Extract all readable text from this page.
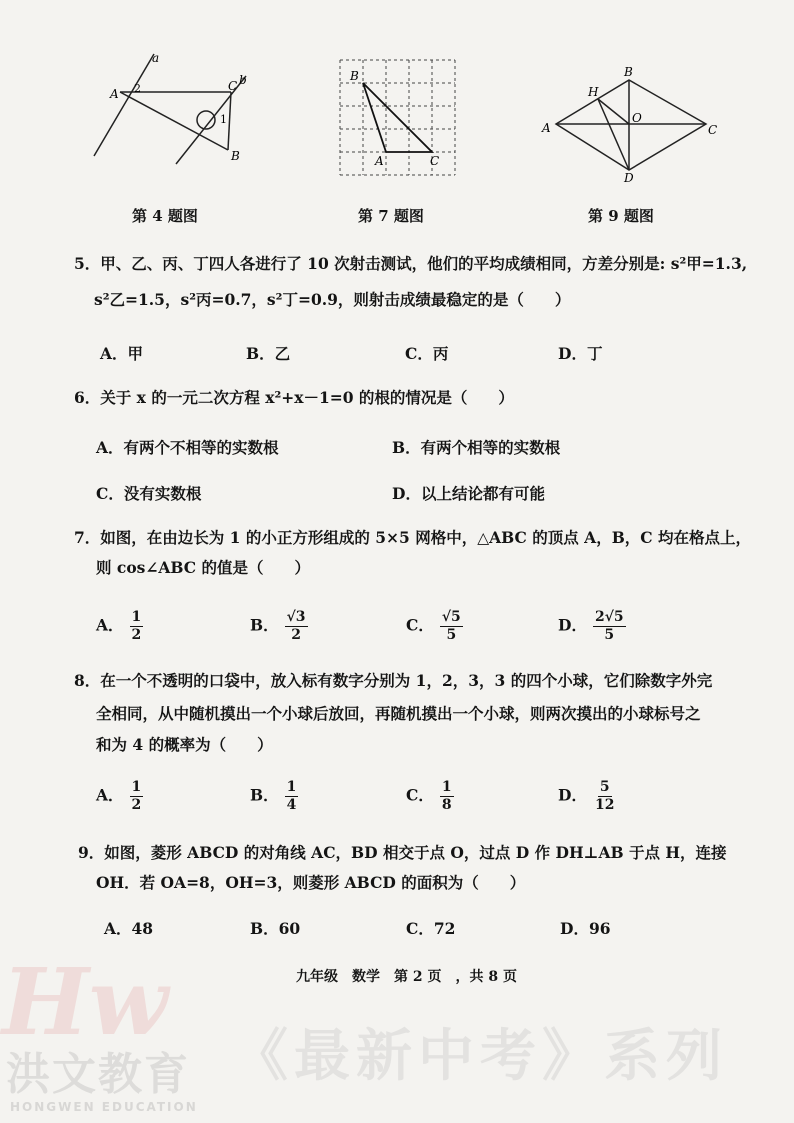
a
b
A 2	C
1
B
第 4 题图
B
A	C
第 7 题图
B
H
O
A	C
D
第 9 题图
5．甲、乙、丙、丁四人各进行了 10 次射击测试，他们的平均成绩相同，方差分别是: s²甲=1.3,
s²乙=1.5，s²丙=0.7，s²丁=0.9，则射击成绩最稳定的是（　　）
A．甲	B．乙	C．丙	D．丁
6．关于 x 的一元二次方程 x²+x－1=0 的根的情况是（　　）
A．有两个不相等的实数根	B．有两个相等的实数根
C．没有实数根	D．以上结论都有可能
7．如图，在由边长为 1 的小正方形组成的 5×5 网格中，△ABC 的顶点 A，B，C 均在格点上，
则 cos∠ABC 的值是（　　）
A． $\frac{1}{2}$	B． $\frac{√3}{2}$	C． $\frac{√5}{5}$	D． $\frac{2√5}{5}$
8．在一个不透明的口袋中，放入标有数字分别为 1，2，3，3 的四个小球，它们除数字外完
全相同，从中随机摸出一个小球后放回，再随机摸出一个小球，则两次摸出的小球标号之
和为 4 的概率为（　　）
A． $\frac{1}{2}$	B． $\frac{1}{4}$	C． $\frac{1}{8}$	D． $\frac{5}{12}$
9．如图，菱形 ABCD 的对角线 AC，BD 相交于点 O，过点 D 作 DH⊥AB 于点 H，连接
OH．若 OA=8，OH=3，则菱形 ABCD 的面积为（　　）
A．48	B．60	C．72	D．96
九年级　数学　第 2 页　，共 8 页
Hw
洪文教育
HONGWEN EDUCATION
《最新中考》系列
